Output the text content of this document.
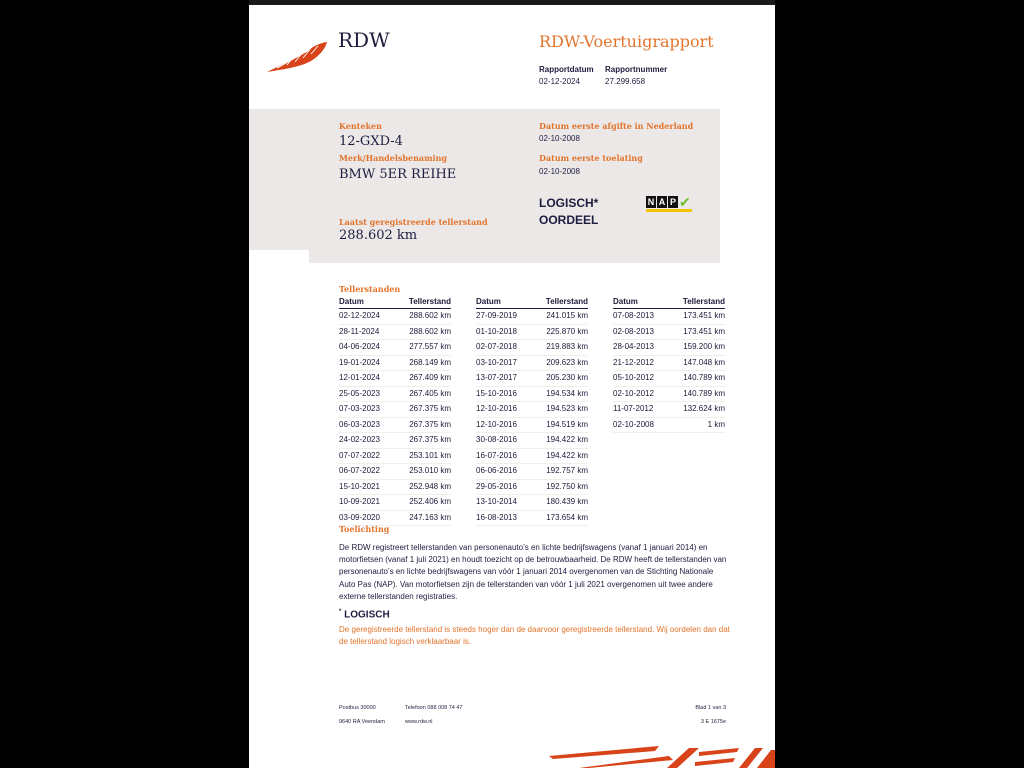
RDW	RDW-Voertuigrapport
Rapportdatum
02-12-2024
Rapportnummer
27.299.658
Kenteken
12-GXD-4
Merk/Handelsbenaming
BMW 5ER REIHE
Laatst geregistreerde tellerstand
288.602 km
Datum eerste afgifte in Nederland
02-10-2008
Datum eerste toelating
02-10-2008
LOGISCH*
OORDEEL
N A P ✔
Tellerstanden
Datum	Tellerstand
02-12-2024	288.602 km
28-11-2024	288.602 km
04-06-2024	277.557 km
19-01-2024	268.149 km
12-01-2024	267.409 km
25-05-2023	267.405 km
07-03-2023	267.375 km
06-03-2023	267.375 km
24-02-2023	267.375 km
07-07-2022	253.101 km
06-07-2022	253.010 km
15-10-2021	252.948 km
10-09-2021	252.406 km
03-09-2020	247.163 km
Datum	Tellerstand
27-09-2019	241.015 km
01-10-2018	225.870 km
02-07-2018	219.883 km
03-10-2017	209.623 km
13-07-2017	205.230 km
15-10-2016	194.534 km
12-10-2016	194.523 km
12-10-2016	194.519 km
30-08-2016	194.422 km
16-07-2016	194.422 km
06-06-2016	192.757 km
29-05-2016	192.750 km
13-10-2014	180.439 km
16-08-2013	173.654 km
Datum	Tellerstand
07-08-2013	173.451 km
02-08-2013	173.451 km
28-04-2013	159.200 km
21-12-2012	147.048 km
05-10-2012	140.789 km
02-10-2012	140.789 km
11-07-2012	132.624 km
02-10-2008	1 km
Toelichting
De RDW registreert tellerstanden van personenauto’s en lichte bedrijfswagens (vanaf 1 januari 2014) en motorfietsen (vanaf 1 juli 2021) en houdt toezicht op de betrouwbaarheid. De RDW heeft de tellerstanden van personenauto’s en lichte bedrijfswagens van vóór 1 januari 2014 overgenomen van de Stichting Nationale Auto Pas (NAP). Van motorfietsen zijn de tellerstanden van vóór 1 juli 2021 overgenomen uit twee andere externe tellerstanden registraties.
* LOGISCH
De geregistreerde tellerstand is steeds hoger dan de daarvoor geregistreerde tellerstand. Wij oordelen dan dat de tellerstand logisch verklaarbaar is.
Postbus 30000
9640 RA Veendam
Telefoon 088 008 74 47
www.rdw.nl
Blad 1 van 3
3 E 1675e
